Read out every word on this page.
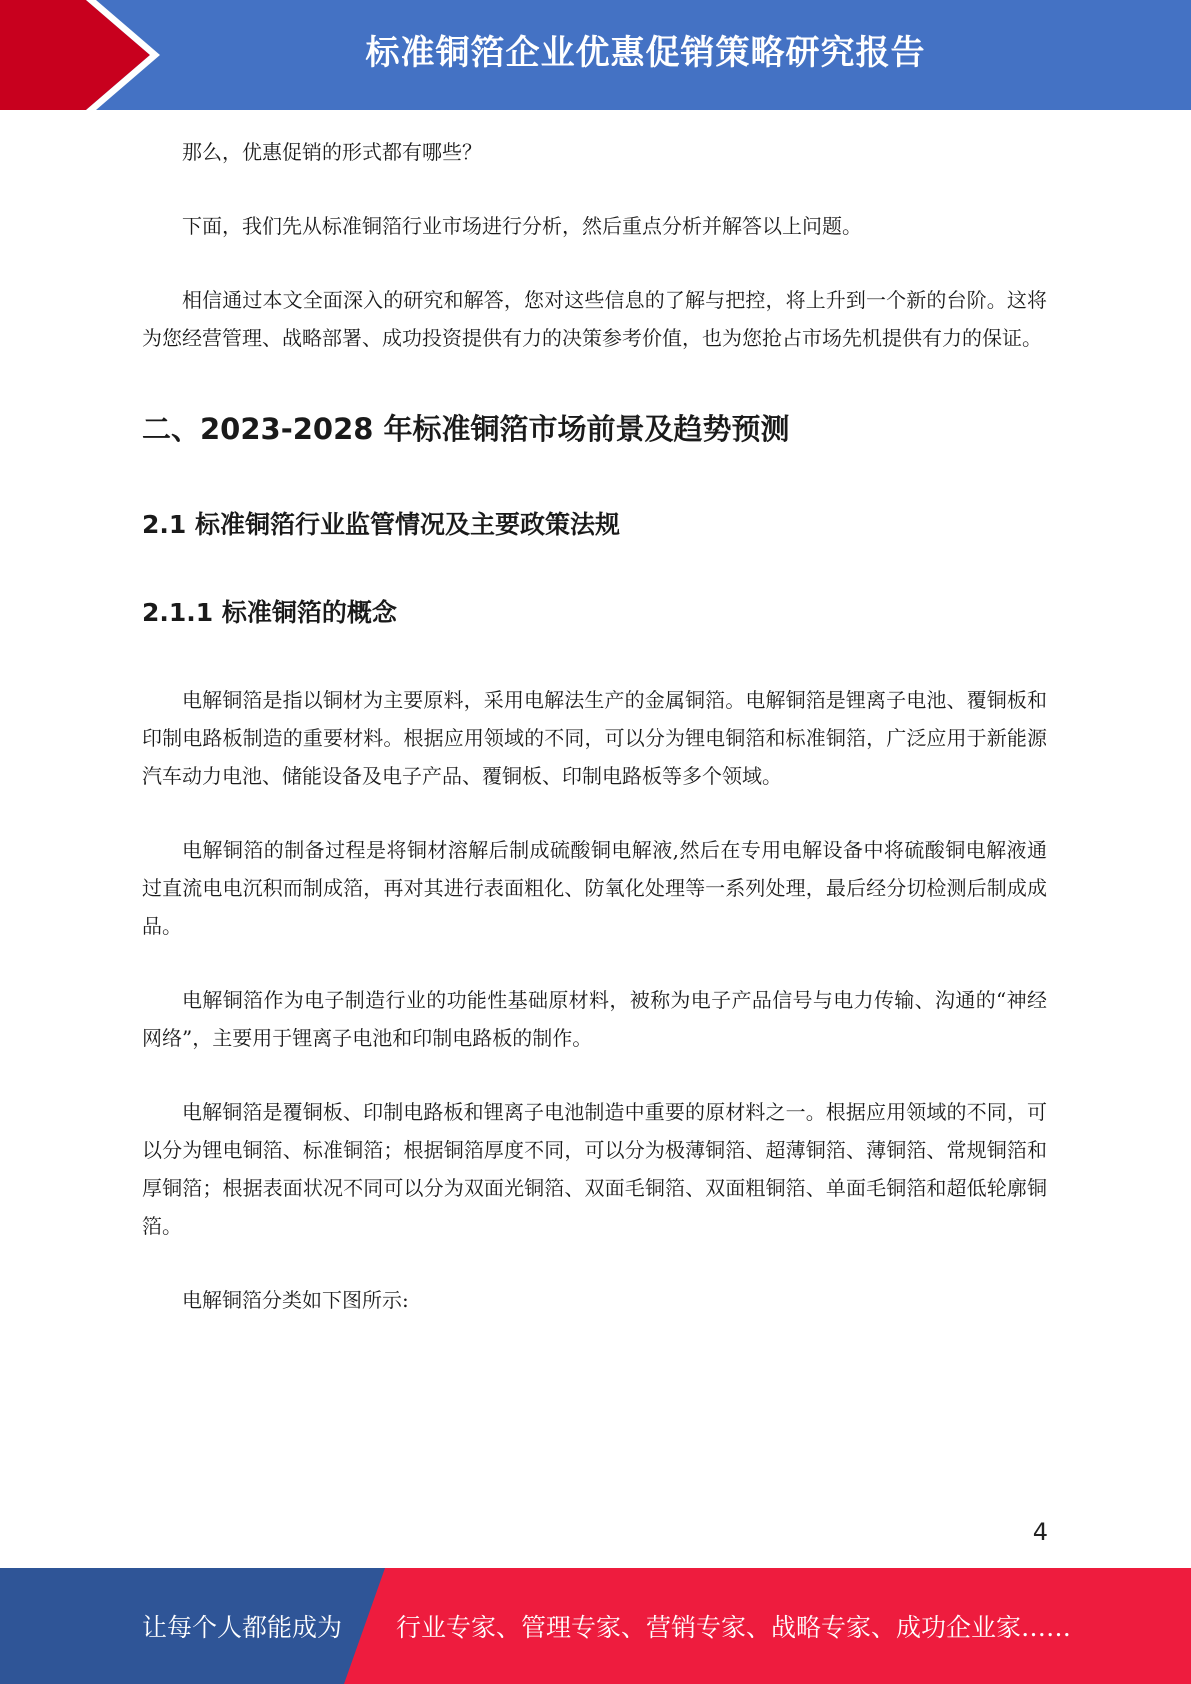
标准铜箔企业优惠促销策略研究报告

那么，优惠促销的形式都有哪些？

下面，我们先从标准铜箔行业市场进行分析，然后重点分析并解答以上问题。

相信通过本文全面深入的研究和解答，您对这些信息的了解与把控，将上升到一个新的台阶。这将为您经营管理、战略部署、成功投资提供有力的决策参考价值，也为您抢占市场先机提供有力的保证。

二、2023-2028 年标准铜箔市场前景及趋势预测
2.1 标准铜箔行业监管情况及主要政策法规
2.1.1 标准铜箔的概念

电解铜箔是指以铜材为主要原料，采用电解法生产的金属铜箔。电解铜箔是锂离子电池、覆铜板和印制电路板制造的重要材料。根据应用领域的不同，可以分为锂电铜箔和标准铜箔，广泛应用于新能源汽车动力电池、储能设备及电子产品、覆铜板、印制电路板等多个领域。

电解铜箔的制备过程是将铜材溶解后制成硫酸铜电解液,然后在专用电解设备中将硫酸铜电解液通过直流电电沉积而制成箔，再对其进行表面粗化、防氧化处理等一系列处理，最后经分切检测后制成成品。

电解铜箔作为电子制造行业的功能性基础原材料，被称为电子产品信号与电力传输、沟通的“神经网络”，主要用于锂离子电池和印制电路板的制作。

电解铜箔是覆铜板、印制电路板和锂离子电池制造中重要的原材料之一。根据应用领域的不同，可以分为锂电铜箔、标准铜箔；根据铜箔厚度不同，可以分为极薄铜箔、超薄铜箔、薄铜箔、常规铜箔和厚铜箔；根据表面状况不同可以分为双面光铜箔、双面毛铜箔、双面粗铜箔、单面毛铜箔和超低轮廓铜箔。

电解铜箔分类如下图所示:

4
让每个人都能成为 行业专家、管理专家、营销专家、战略专家、成功企业家……
